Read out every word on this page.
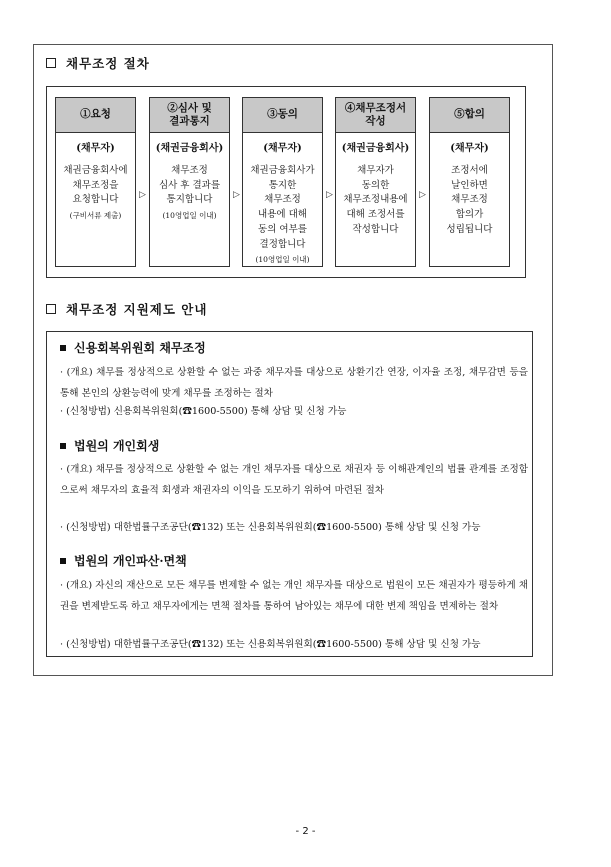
채무조정 절차
①요청
(채무자)
채권금융회사에
채무조정을
요청합니다
(구비서류 제출)
▷
②심사 및
결과통지
(채권금융회사)
채무조정
심사 후 결과를
통지합니다
(10영업일 이내)
▷
③동의
(채무자)
채권금융회사가
통지한
채무조정
내용에 대해
동의 여부를
결정합니다
(10영업일 이내)
▷
④채무조정서
작성
(채권금융회사)
채무자가
동의한
채무조정내용에
대해 조정서를
작성합니다
▷
⑤합의
(채무자)
조정서에
날인하면
채무조정
합의가
성립됩니다
채무조정 지원제도 안내
신용회복위원회 채무조정
· (개요) 채무를 정상적으로 상환할 수 없는 과중 채무자를 대상으로 상환기간 연장, 이자율 조정, 채무감면 등을 통해 본인의 상환능력에 맞게 채무를 조정하는 절차
· (신청방법) 신용회복위원회(☎1600-5500) 통해 상담 및 신청 가능
법원의 개인회생
· (개요) 채무를 정상적으로 상환할 수 없는 개인 채무자를 대상으로 채권자 등 이해관계인의 법률 관계를 조정함으로써 채무자의 효율적 회생과 채권자의 이익을 도모하기 위하여 마련된 절차
· (신청방법) 대한법률구조공단(☎132) 또는 신용회복위원회(☎1600-5500) 통해 상담 및 신청 가능
법원의 개인파산·면책
· (개요) 자신의 재산으로 모든 채무를 변제할 수 없는 개인 채무자를 대상으로 법원이 모든 채권자가 평등하게 채권을 변제받도록 하고 채무자에게는 면책 절차를 통하여 남아있는 채무에 대한 변제 책임을 면제하는 절차
· (신청방법) 대한법률구조공단(☎132) 또는 신용회복위원회(☎1600-5500) 통해 상담 및 신청 가능
- 2 -
